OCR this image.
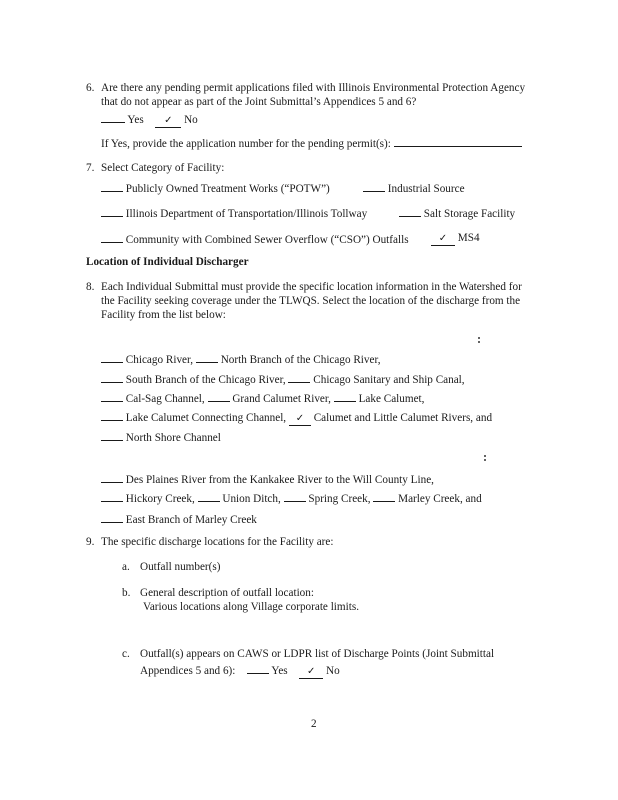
6. Are there any pending permit applications filed with Illinois Environmental Protection Agency
that do not appear as part of the Joint Submittal’s Appendices 5 and 6?
Yes ✓ No
If Yes, provide the application number for the pending permit(s):
7. Select Category of Facility:
Publicly Owned Treatment Works (“POTW”)	Industrial Source
Illinois Department of Transportation/Illinois Tollway	Salt Storage Facility
Community with Combined Sewer Overflow (“CSO”) Outfalls	✓ MS4
Location of Individual Discharger
8. Each Individual Submittal must provide the specific location information in the Watershed for
the Facility seeking coverage under the TLWQS. Select the location of the discharge from the
Facility from the list below:
Chicago River, North Branch of the Chicago River,
South Branch of the Chicago River, Chicago Sanitary and Ship Canal,
Cal-Sag Channel, Grand Calumet River, Lake Calumet,
Lake Calumet Connecting Channel, ✓ Calumet and Little Calumet Rivers, and
North Shore Channel
Des Plaines River from the Kankakee River to the Will County Line,
Hickory Creek, Union Ditch, Spring Creek, Marley Creek, and
East Branch of Marley Creek
9. The specific discharge locations for the Facility are:
a. Outfall number(s)
b. General description of outfall location:
Various locations along Village corporate limits.
c. Outfall(s) appears on CAWS or LDPR list of Discharge Points (Joint Submittal
Appendices 5 and 6):	Yes ✓ No
2
